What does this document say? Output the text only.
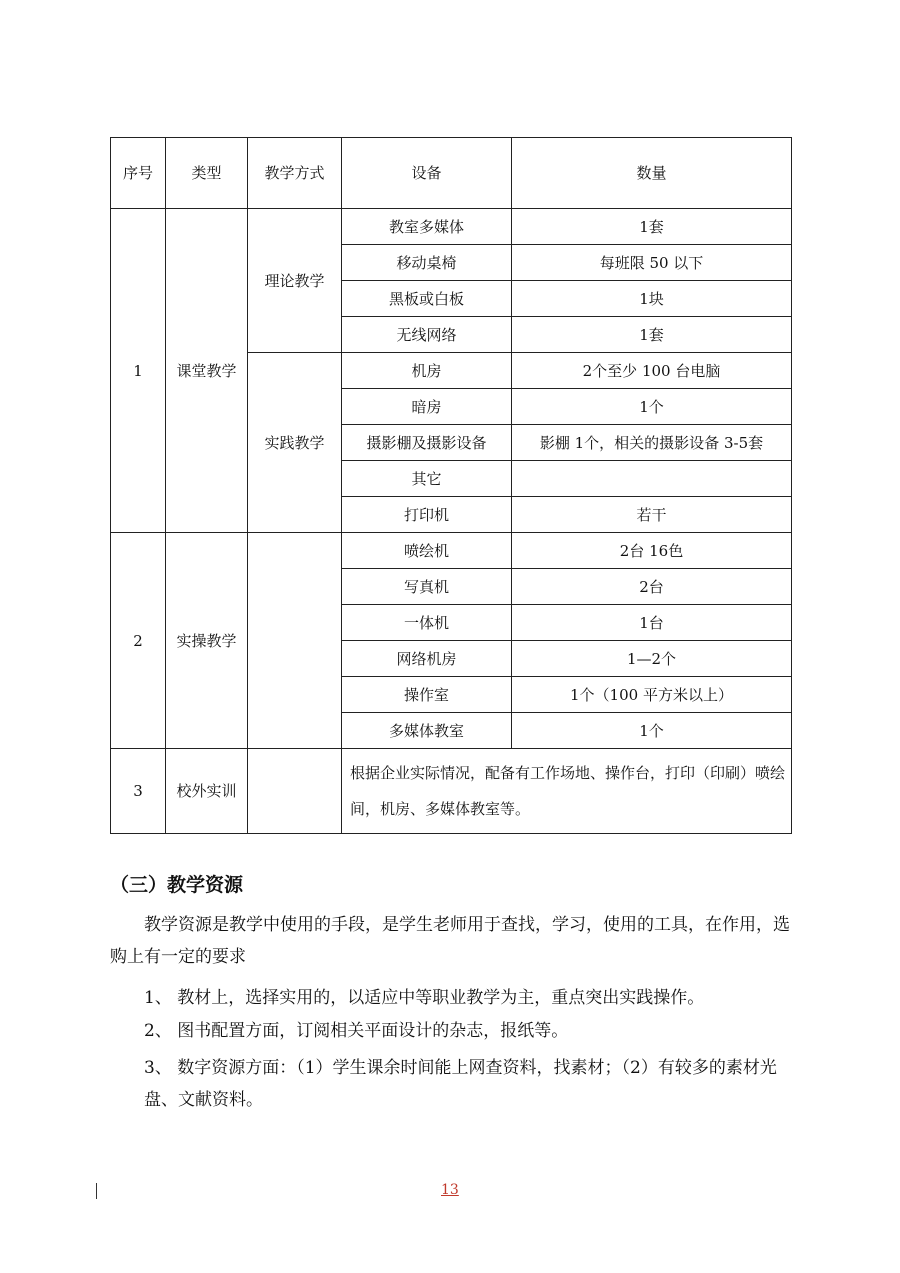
序号	类型	教学方式	设备	数量
1	课堂教学	理论教学	教室多媒体	1套
			移动桌椅	每班限 50 以下
			黑板或白板	1块
			无线网络	1套
		实践教学	机房	2个至少 100 台电脑
			暗房	1个
			摄影棚及摄影设备	影棚 1个，相关的摄影设备 3-5套
			其它	
			打印机	若干
2	实操教学		喷绘机	2台 16色
			写真机	2台
			一体机	1台
			网络机房	1—2个
			操作室	1个（100 平方米以上）
			多媒体教室	1个
3	校外实训		根据企业实际情况，配备有工作场地、操作台，打印（印刷）喷绘间，机房、多媒体教室等。	
（三）教学资源
教学资源是教学中使用的手段，是学生老师用于查找，学习，使用的工具，在作用，选购上有一定的要求
1、 教材上，选择实用的，以适应中等职业教学为主，重点突出实践操作。
2、 图书配置方面，订阅相关平面设计的杂志，报纸等。
3、 数字资源方面：（1）学生课余时间能上网查资料，找素材；（2）有较多的素材光盘、文献资料。
13
